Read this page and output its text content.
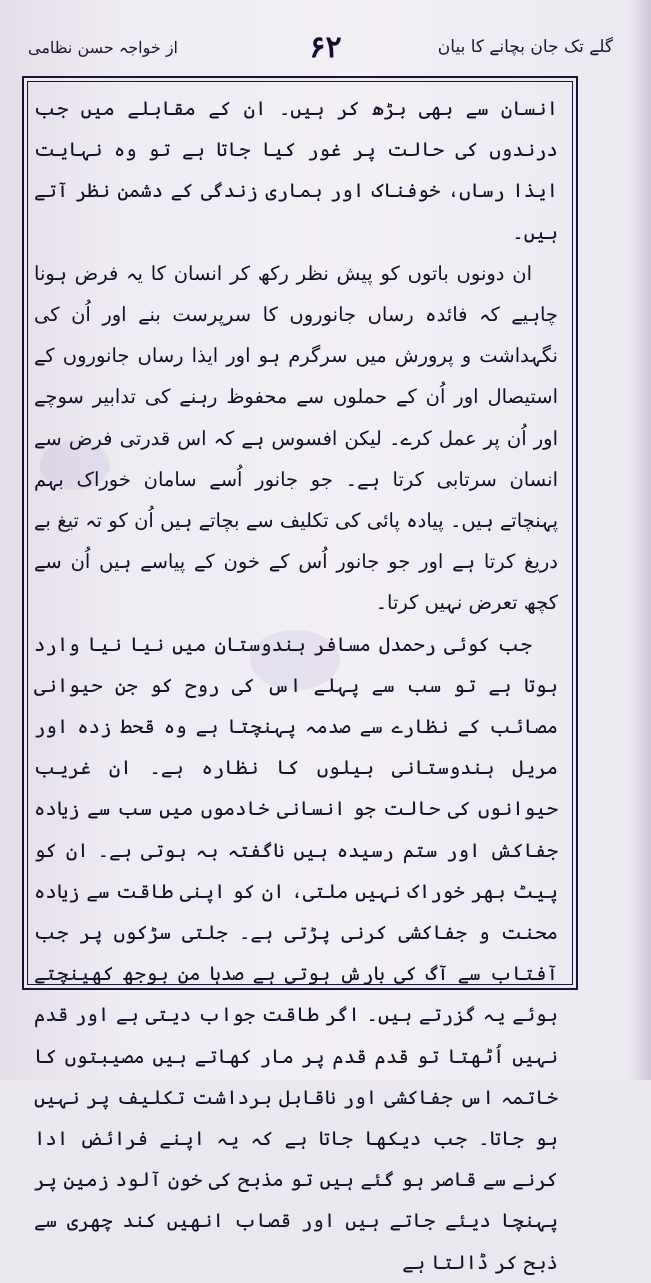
گلے تک جان بچانے کا بیان
۶۲
از خواجہ حسن نظامی

انسان سے بھی بڑھ کر ہیں۔ ان کے مقابلے میں جب درندوں کی حالت پر غور کیا جاتا ہے تو وہ نہایت ایذا رساں، خوفناک اور ہماری زندگی کے دشمن نظر آتے ہیں۔

ان دونوں باتوں کو پیش نظر رکھ کر انسان کا یہ فرض ہونا چاہیے کہ فائدہ رساں جانوروں کا سرپرست بنے اور اُن کی نگہداشت و پرورش میں سرگرم ہو اور ایذا رساں جانوروں کے استیصال اور اُن کے حملوں سے محفوظ رہنے کی تدابیر سوچے اور اُن پر عمل کرے۔ لیکن افسوس ہے کہ اس قدرتی فرض سے انسان سرتابی کرتا ہے۔ جو جانور اُسے سامان خوراک بہم پہنچاتے ہیں۔ پیادہ پائی کی تکلیف سے بچاتے ہیں اُن کو تہ تیغ بے دریغ کرتا ہے اور جو جانور اُس کے خون کے پیاسے ہیں اُن سے کچھ تعرض نہیں کرتا۔

جب کوئی رحمدل مسافر ہندوستان میں نیا نیا وارد ہوتا ہے تو سب سے پہلے اس کی روح کو جن حیوانی مصائب کے نظارے سے صدمہ پہنچتا ہے وہ قحط زدہ اور مریل ہندوستانی بیلوں کا نظارہ ہے۔ ان غریب حیوانوں کی حالت جو انسانی خادموں میں سب سے زیادہ جفاکش اور ستم رسیدہ ہیں ناگفتہ بہ ہوتی ہے۔ ان کو پیٹ بھر خوراک نہیں ملتی، ان کو اپنی طاقت سے زیادہ محنت و جفاکشی کرنی پڑتی ہے۔ جلتی سڑکوں پر جب آفتاب سے آگ کی بارش ہوتی ہے صدہا من بوجھ کھینچتے ہوئے یہ گزرتے ہیں۔ اگر طاقت جواب دیتی ہے اور قدم نہیں اُٹھتا تو قدم قدم پر مار کھاتے ہیں مصیبتوں کا خاتمہ اس جفاکشی اور ناقابل برداشت تکلیف پر نہیں ہو جاتا۔ جب دیکھا جاتا ہے کہ یہ اپنے فرائض ادا کرنے سے قاصر ہو گئے ہیں تو مذبح کی خون آلود زمین پر پہنچا دیئے جاتے ہیں اور قصاب انھیں کند چھری سے ذبح کر ڈالتا ہے
